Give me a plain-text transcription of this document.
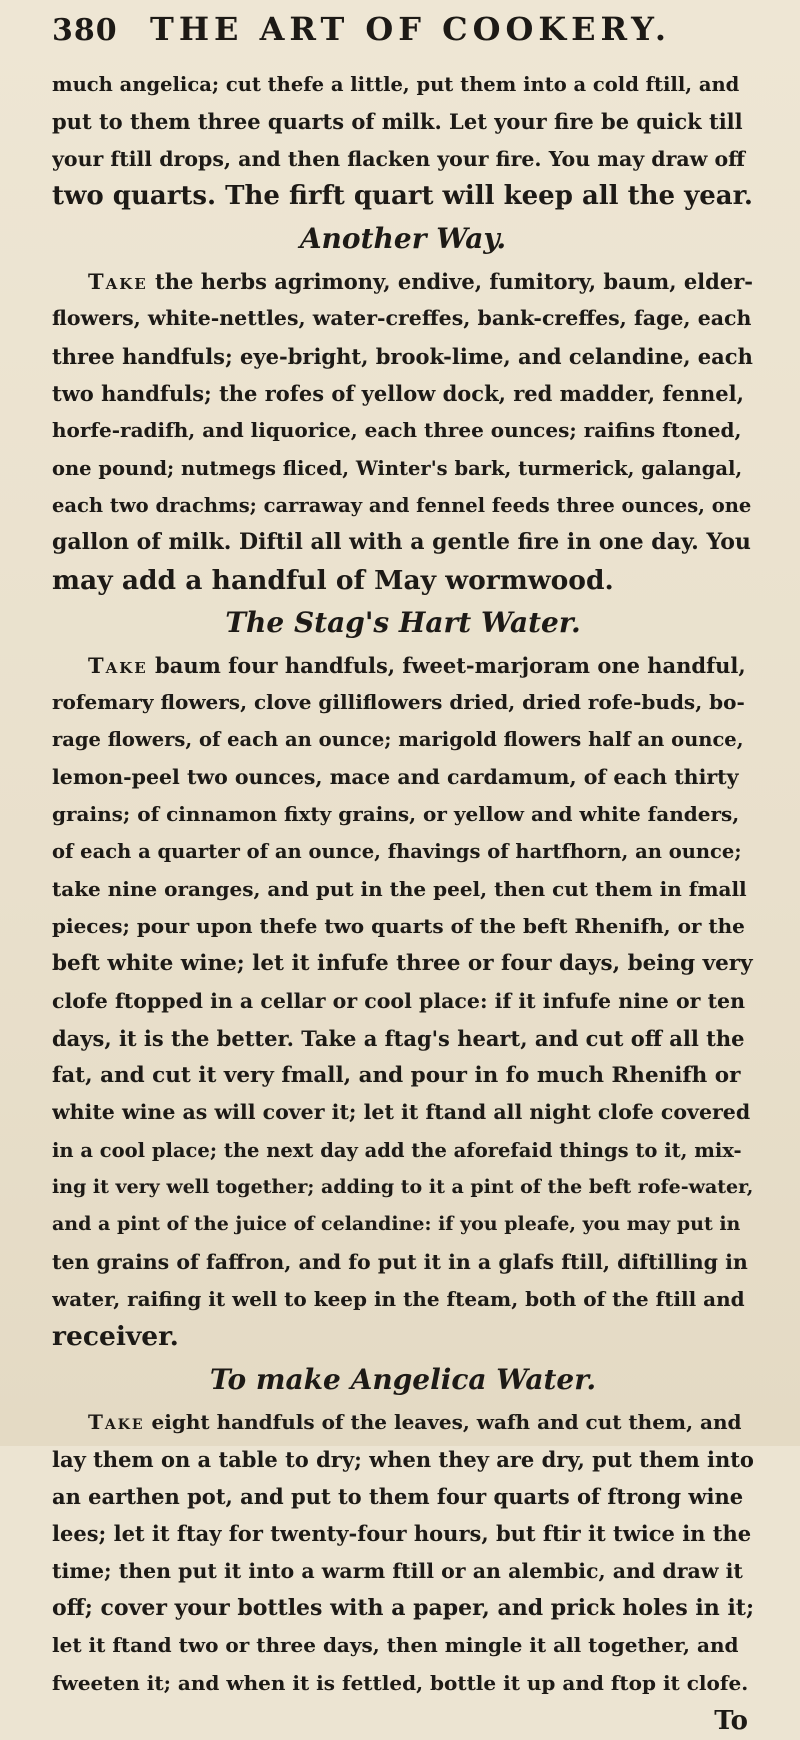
380	THE ART OF COOKERY.

much angelica; cut thefe a little, put them into a cold ftill, and

put to them three quarts of milk. Let your fire be quick till

your ftill drops, and then flacken your fire. You may draw off

two quarts. The firft quart will keep all the year.

Another Way.

Take the herbs agrimony, endive, fumitory, baum, elder-

flowers, white-nettles, water-creffes, bank-creffes, fage, each

three handfuls; eye-bright, brook-lime, and celandine, each

two handfuls; the rofes of yellow dock, red madder, fennel,

horfe-radifh, and liquorice, each three ounces; raifins ftoned,

one pound; nutmegs fliced, Winter's bark, turmerick, galangal,

each two drachms; carraway and fennel feeds three ounces, one

gallon of milk. Diftil all with a gentle fire in one day. You

may add a handful of May wormwood.

The Stag's Hart Water.

Take baum four handfuls, fweet-marjoram one handful,

rofemary flowers, clove gilliflowers dried, dried rofe-buds, bo-

rage flowers, of each an ounce; marigold flowers half an ounce,

lemon-peel two ounces, mace and cardamum, of each thirty

grains; of cinnamon fixty grains, or yellow and white fanders,

of each a quarter of an ounce, fhavings of hartfhorn, an ounce;

take nine oranges, and put in the peel, then cut them in fmall

pieces; pour upon thefe two quarts of the beft Rhenifh, or the

beft white wine; let it infufe three or four days, being very

clofe ftopped in a cellar or cool place: if it infufe nine or ten

days, it is the better. Take a ftag's heart, and cut off all the

fat, and cut it very fmall, and pour in fo much Rhenifh or

white wine as will cover it; let it ftand all night clofe covered

in a cool place; the next day add the aforefaid things to it, mix-

ing it very well together; adding to it a pint of the beft rofe-water,

and a pint of the juice of celandine: if you pleafe, you may put in

ten grains of faffron, and fo put it in a glafs ftill, diftilling in

water, raifing it well to keep in the fteam, both of the ftill and

receiver.

To make Angelica Water.

Take eight handfuls of the leaves, wafh and cut them, and

lay them on a table to dry; when they are dry, put them into

an earthen pot, and put to them four quarts of ftrong wine

lees; let it ftay for twenty-four hours, but ftir it twice in the

time; then put it into a warm ftill or an alembic, and draw it

off; cover your bottles with a paper, and prick holes in it;

let it ftand two or three days, then mingle it all together, and

fweeten it; and when it is fettled, bottle it up and ftop it clofe.

To
